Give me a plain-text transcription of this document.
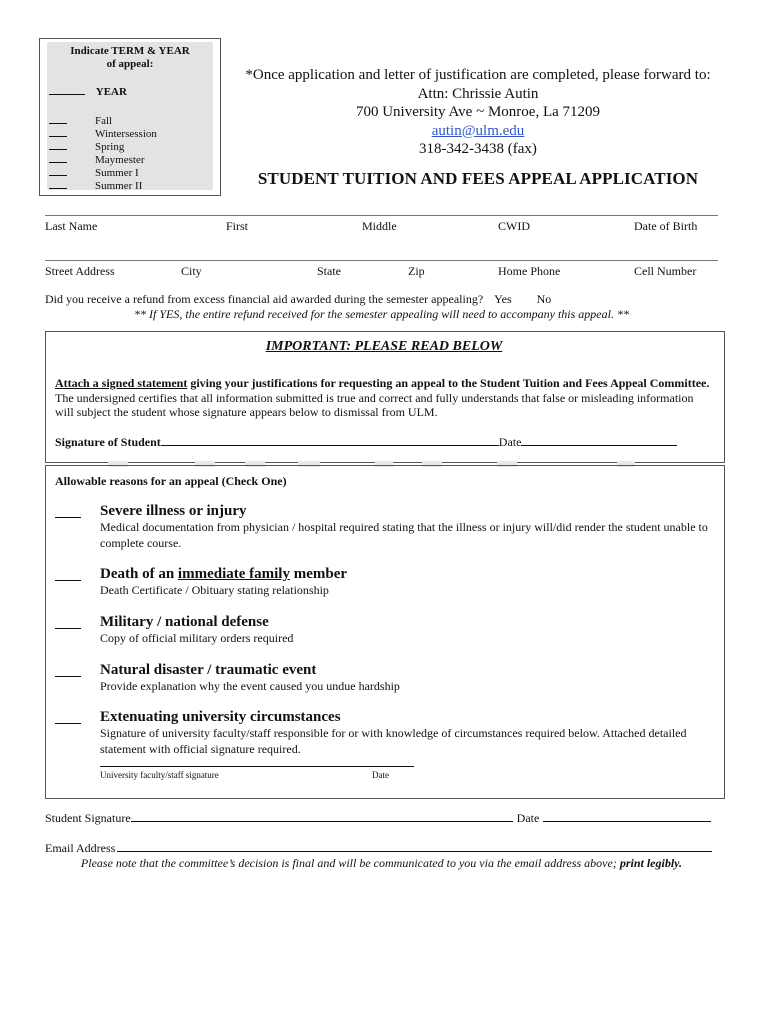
Indicate TERM & YEAR
of appeal:
YEAR
Fall
Wintersession
Spring
Maymester
Summer I
Summer II
*Once application and letter of justification are completed, please forward to:
Attn: Chrissie Autin
700 University Ave ~ Monroe, La 71209
autin@ulm.edu
318-342-3438 (fax)
STUDENT TUITION AND FEES APPEAL APPLICATION
Last Name	First	Middle	CWID	Date of Birth
Street Address	City	State	Zip	Home Phone	Cell Number
Did you receive a refund from excess financial aid awarded during the semester appealing? Yes No
** If YES, the entire refund received for the semester appealing will need to accompany this appeal. **
IMPORTANT: PLEASE READ BELOW
Attach a signed statement giving your justifications for requesting an appeal to the Student Tuition and Fees Appeal Committee. The undersigned certifies that all information submitted is true and correct and fully understands that false or misleading information will subject the student whose signature appears below to dismissal from ULM.
Signature of Student	Date
Allowable reasons for an appeal (Check One)
Severe illness or injury
Medical documentation from physician / hospital required stating that the illness or injury will/did render the student unable to complete course.
Death of an immediate family member
Death Certificate / Obituary stating relationship
Military / national defense
Copy of official military orders required
Natural disaster / traumatic event
Provide explanation why the event caused you undue hardship
Extenuating university circumstances
Signature of university faculty/staff responsible for or with knowledge of circumstances required below. Attached detailed statement with official signature required.
University faculty/staff signature	Date
Student Signature	Date
Email Address
Please note that the committee’s decision is final and will be communicated to you via the email address above; print legibly.
